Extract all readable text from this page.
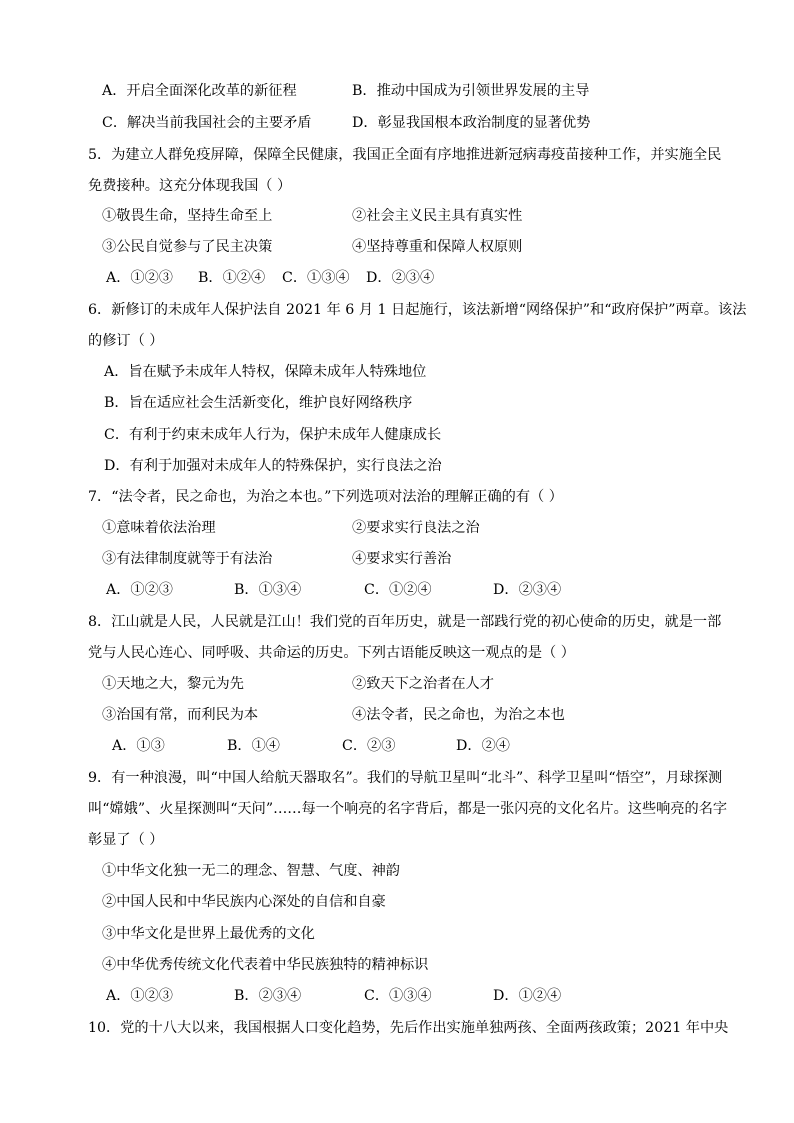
A．开启全面深化改革的新征程	B．推动中国成为引领世界发展的主导
C．解决当前我国社会的主要矛盾	D．彰显我国根本政治制度的显著优势
5．为建立人群免疫屏障，保障全民健康，我国正全面有序地推进新冠病毒疫苗接种工作，并实施全民
免费接种。这充分体现我国（ ）
①敬畏生命，坚持生命至上	②社会主义民主具有真实性
③公民自觉参与了民主决策	④坚持尊重和保障人权原则
A．①②③ B．①②④ C．①③④ D．②③④
6．新修订的未成年人保护法自 2021 年 6 月 1 日起施行，该法新增“网络保护”和“政府保护”两章。该法
的修订（ ）
A．旨在赋予未成年人特权，保障未成年人特殊地位
B．旨在适应社会生活新变化，维护良好网络秩序
C．有利于约束未成年人行为，保护未成年人健康成长
D．有利于加强对未成年人的特殊保护，实行良法之治
7．“法令者，民之命也，为治之本也。”下列选项对法治的理解正确的有（ ）
①意味着依法治理	②要求实行良法之治
③有法律制度就等于有法治	④要求实行善治
A．①②③	B．①③④	C．①②④	D．②③④
8．江山就是人民，人民就是江山！我们党的百年历史，就是一部践行党的初心使命的历史，就是一部
党与人民心连心、同呼吸、共命运的历史。下列古语能反映这一观点的是（ ）
①天地之大，黎元为先	②致天下之治者在人才
③治国有常，而利民为本	④法令者，民之命也，为治之本也
A．①③	B．①④	C．②③	D．②④
9．有一种浪漫，叫“中国人给航天器取名”。我们的导航卫星叫“北斗”、科学卫星叫“悟空”，月球探测
叫“嫦娥”、火星探测叫“天问”……每一个响亮的名字背后，都是一张闪亮的文化名片。这些响亮的名字
彰显了（ ）
①中华文化独一无二的理念、智慧、气度、神韵
②中国人民和中华民族内心深处的自信和自豪
③中华文化是世界上最优秀的文化
④中华优秀传统文化代表着中华民族独特的精神标识
A．①②③	B．②③④	C．①③④	D．①②④
10．党的十八大以来，我国根据人口变化趋势，先后作出实施单独两孩、全面两孩政策；2021 年中央
